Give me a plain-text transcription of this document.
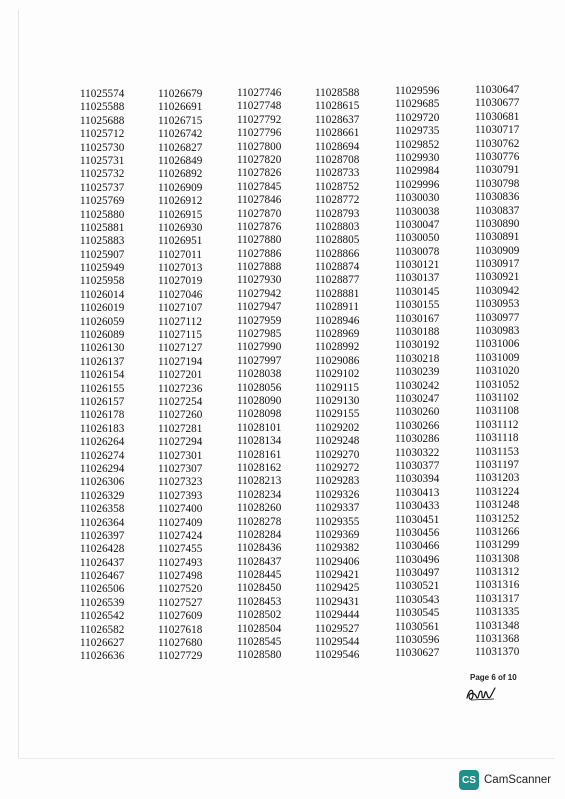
11025574
11025588
11025688
11025712
11025730
11025731
11025732
11025737
11025769
11025880
11025881
11025883
11025907
11025949
11025958
11026014
11026019
11026059
11026089
11026130
11026137
11026154
11026155
11026157
11026178
11026183
11026264
11026274
11026294
11026306
11026329
11026358
11026364
11026397
11026428
11026437
11026467
11026506
11026539
11026542
11026582
11026627
11026636
11026679
11026691
11026715
11026742
11026827
11026849
11026892
11026909
11026912
11026915
11026930
11026951
11027011
11027013
11027019
11027046
11027107
11027112
11027115
11027127
11027194
11027201
11027236
11027254
11027260
11027281
11027294
11027301
11027307
11027323
11027393
11027400
11027409
11027424
11027455
11027493
11027498
11027520
11027527
11027609
11027618
11027680
11027729
11027746
11027748
11027792
11027796
11027800
11027820
11027826
11027845
11027846
11027870
11027876
11027880
11027886
11027888
11027930
11027942
11027947
11027959
11027985
11027990
11027997
11028038
11028056
11028090
11028098
11028101
11028134
11028161
11028162
11028213
11028234
11028260
11028278
11028284
11028436
11028437
11028445
11028450
11028453
11028502
11028504
11028545
11028580
11028588
11028615
11028637
11028661
11028694
11028708
11028733
11028752
11028772
11028793
11028803
11028805
11028866
11028874
11028877
11028881
11028911
11028946
11028969
11028992
11029086
11029102
11029115
11029130
11029155
11029202
11029248
11029270
11029272
11029283
11029326
11029337
11029355
11029369
11029382
11029406
11029421
11029425
11029431
11029444
11029527
11029544
11029546
11029596
11029685
11029720
11029735
11029852
11029930
11029984
11029996
11030030
11030038
11030047
11030050
11030078
11030121
11030137
11030145
11030155
11030167
11030188
11030192
11030218
11030239
11030242
11030247
11030260
11030266
11030286
11030322
11030377
11030394
11030413
11030433
11030451
11030456
11030466
11030496
11030497
11030521
11030543
11030545
11030561
11030596
11030627
11030647
11030677
11030681
11030717
11030762
11030776
11030791
11030798
11030836
11030837
11030890
11030891
11030909
11030917
11030921
11030942
11030953
11030977
11030983
11031006
11031009
11031020
11031052
11031102
11031108
11031112
11031118
11031153
11031197
11031203
11031224
11031248
11031252
11031266
11031299
11031308
11031312
11031316
11031317
11031335
11031348
11031368
11031370
Page 6 of 10
CS CamScanner
